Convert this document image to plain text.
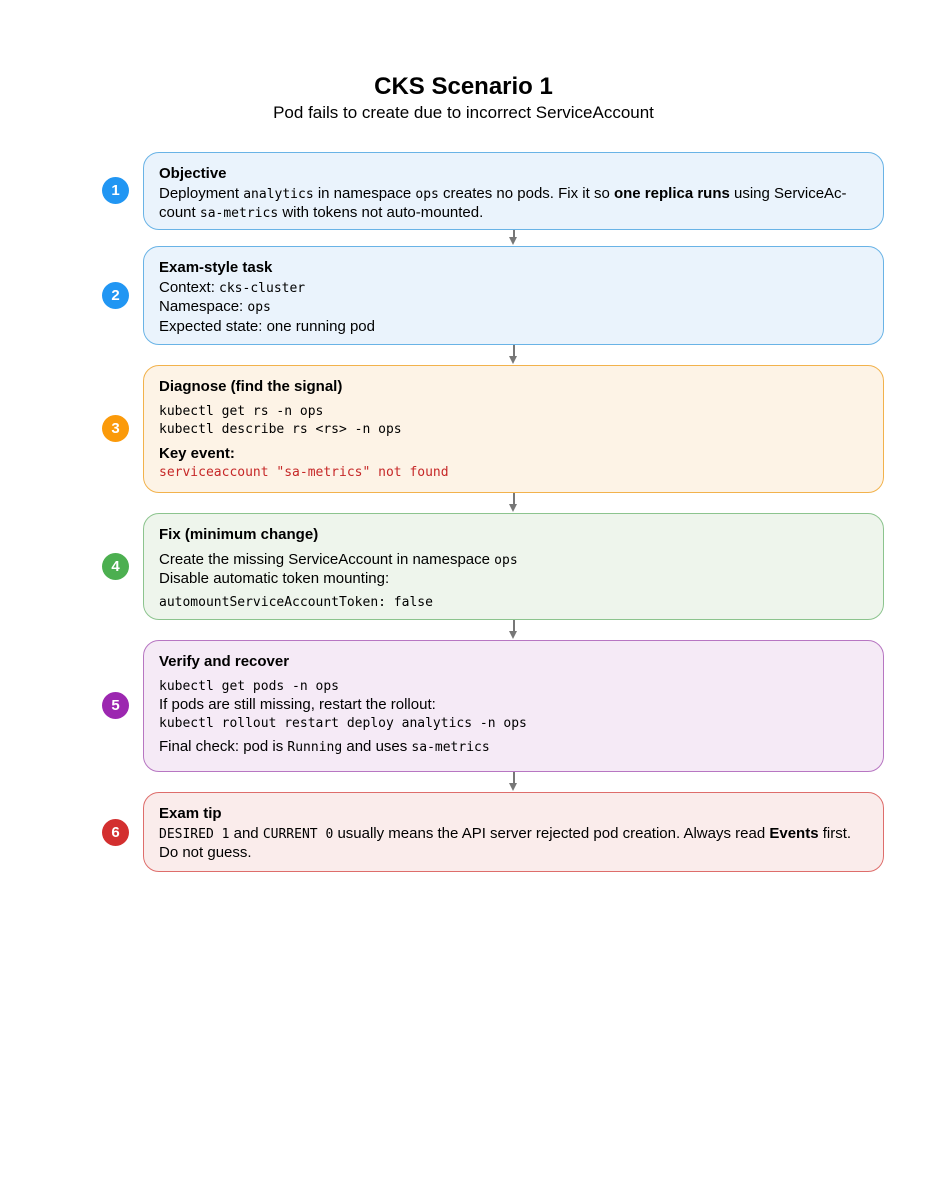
CKS Scenario 1
Pod fails to create due to incorrect ServiceAccount
1
Objective
Deployment analytics in namespace ops creates no pods. Fix it so one replica runs using ServiceAc-
count sa-metrics with tokens not auto-mounted.
2
Exam-style task
Context: cks-cluster
Namespace: ops
Expected state: one running pod
3
Diagnose (find the signal)
kubectl get rs -n ops
kubectl describe rs <rs> -n ops
Key event:
serviceaccount "sa-metrics" not found
4
Fix (minimum change)
Create the missing ServiceAccount in namespace ops
Disable automatic token mounting:
automountServiceAccountToken: false
5
Verify and recover
kubectl get pods -n ops
If pods are still missing, restart the rollout:
kubectl rollout restart deploy analytics -n ops
Final check: pod is Running and uses sa-metrics
6
Exam tip
DESIRED 1 and CURRENT 0 usually means the API server rejected pod creation. Always read Events first.
Do not guess.
